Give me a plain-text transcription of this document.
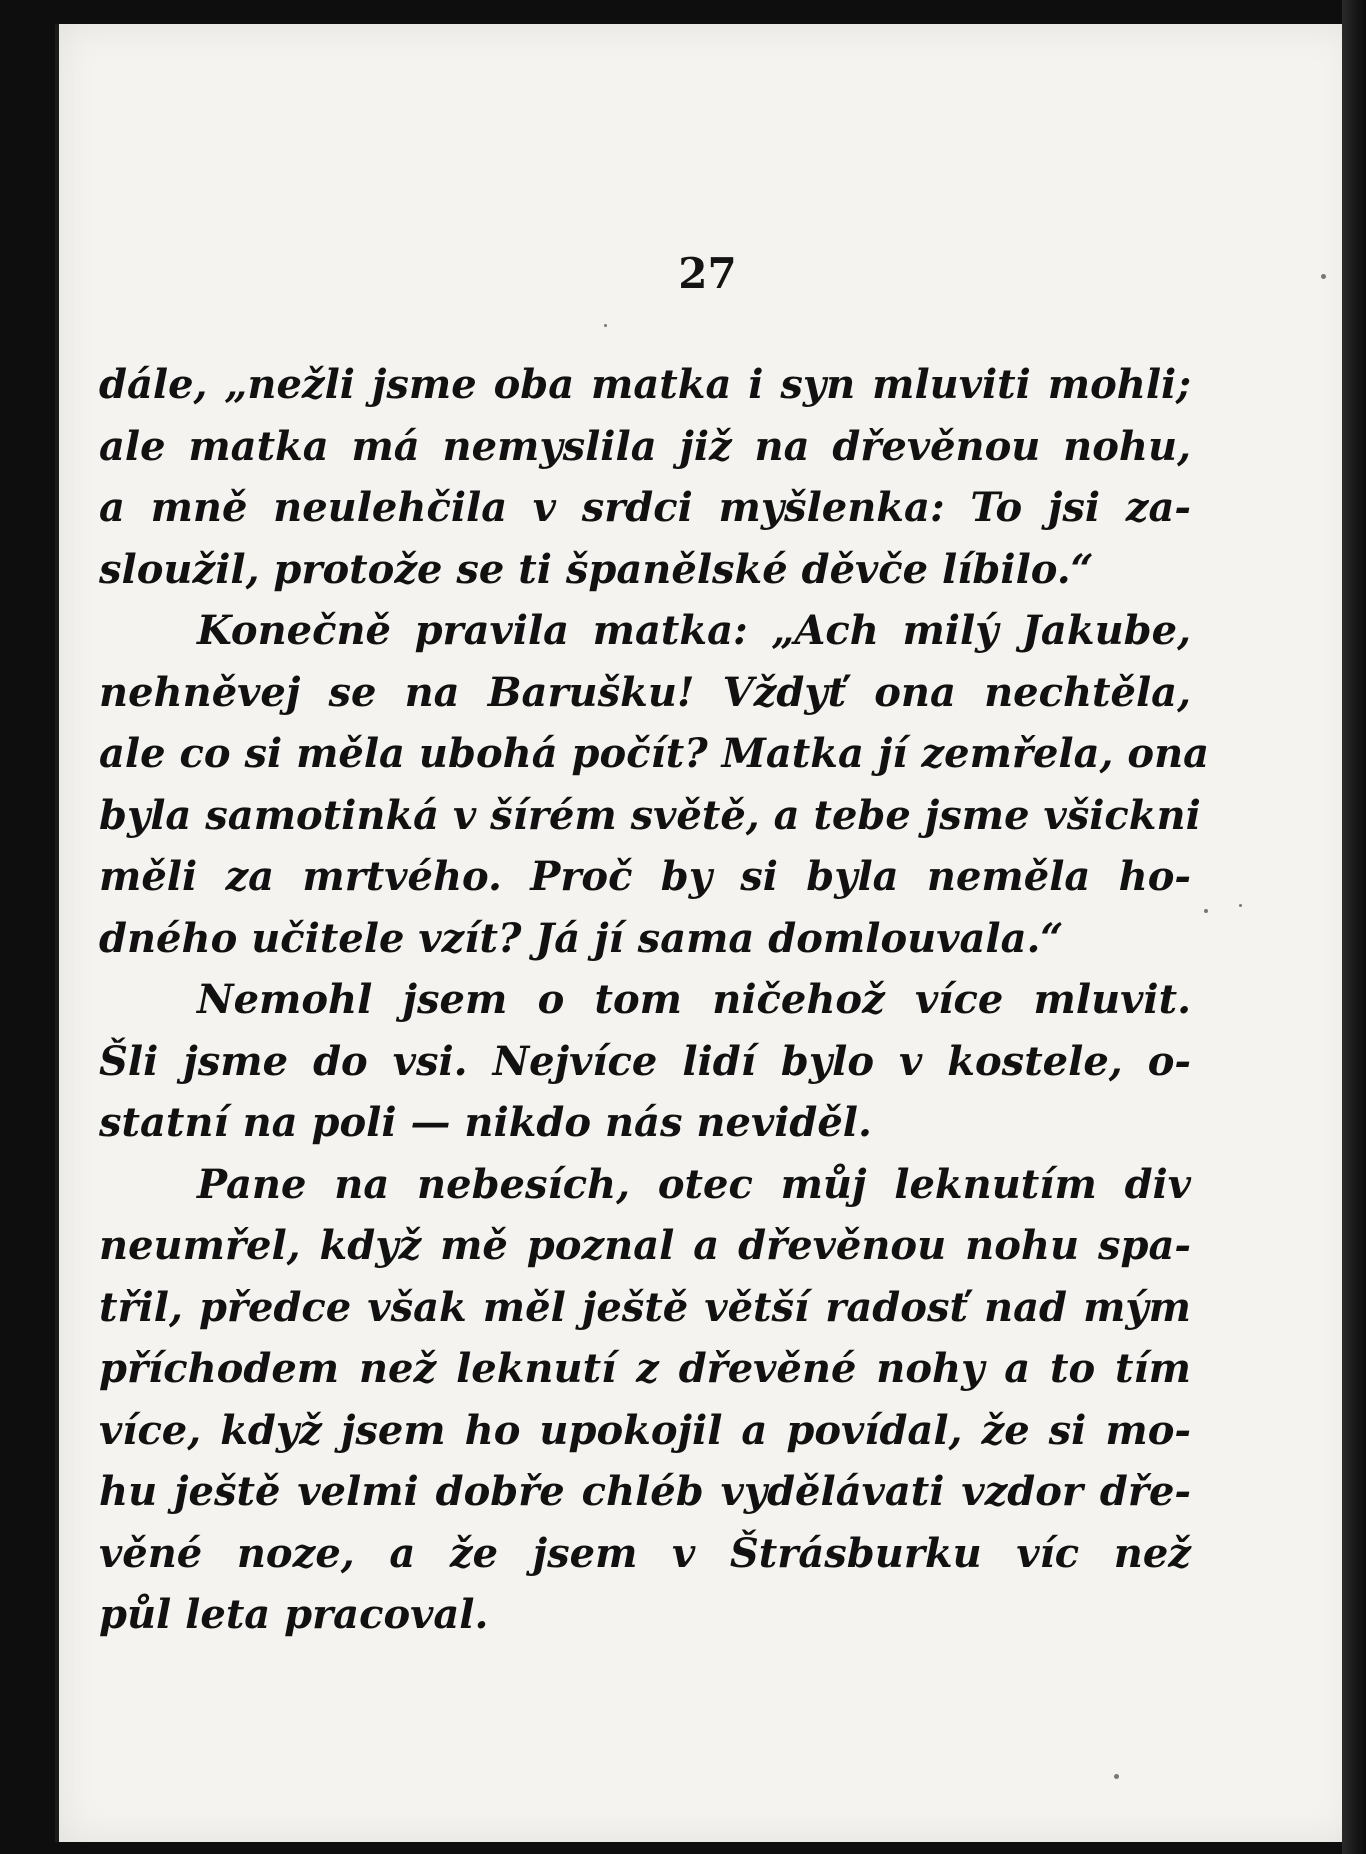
27
dále, „nežli jsme oba matka i syn mluviti mohli;
ale matka má nemyslila již na dřevěnou nohu,
a mně neulehčila v srdci myšlenka: To jsi za-
sloužil, protože se ti španělské děvče líbilo.“
Konečně pravila matka: „Ach milý Jakube,
nehněvej se na Barušku! Vždyť ona nechtěla,
ale co si měla ubohá počít? Matka jí zemřela, ona
byla samotinká v šírém světě, a tebe jsme všickni
měli za mrtvého. Proč by si byla neměla ho-
dného učitele vzít? Já jí sama domlouvala.“
Nemohl jsem o tom ničehož více mluvit.
Šli jsme do vsi. Nejvíce lidí bylo v kostele, o-
statní na poli — nikdo nás neviděl.
Pane na nebesích, otec můj leknutím div
neumřel, když mě poznal a dřevěnou nohu spa-
třil, předce však měl ještě větší radosť nad mým
příchodem než leknutí z dřevěné nohy a to tím
více, když jsem ho upokojil a povídal, že si mo-
hu ještě velmi dobře chléb vydělávati vzdor dře-
věné noze, a že jsem v Štrásburku víc než
půl leta pracoval.
